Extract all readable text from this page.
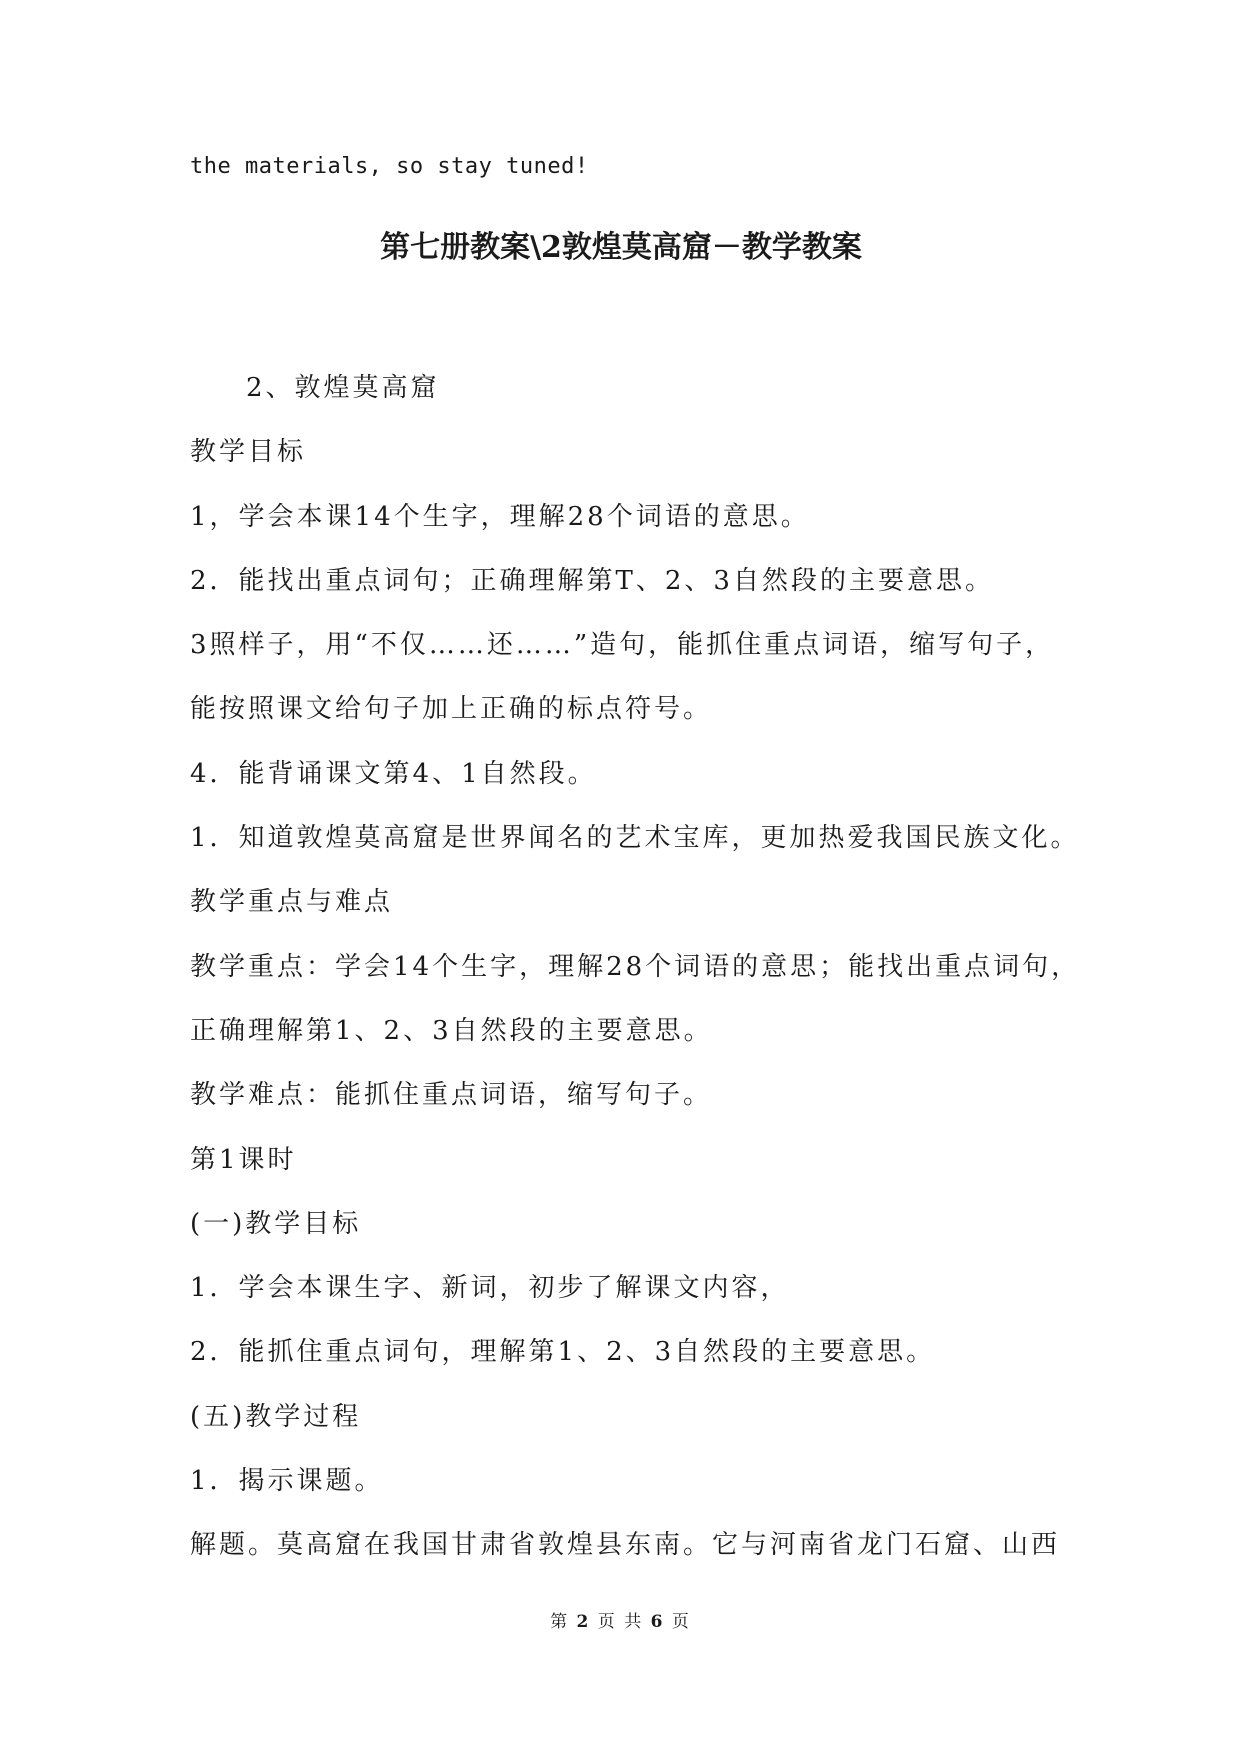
the materials, so stay tuned!
第七册教案\2敦煌莫高窟－教学教案
2、敦煌莫高窟
教学目标
1，学会本课14个生字，理解28个词语的意思。
2．能找出重点词句；正确理解第T、2、3自然段的主要意思。
3照样子，用“不仅……还……”造句，能抓住重点词语，缩写句子，
能按照课文给句子加上正确的标点符号。
4．能背诵课文第4、1自然段。
1．知道敦煌莫高窟是世界闻名的艺术宝库，更加热爱我国民族文化。
教学重点与难点
教学重点：学会14个生字，理解28个词语的意思；能找出重点词句，
正确理解第1、2、3自然段的主要意思。
教学难点：能抓住重点词语，缩写句子。
第1课时
(一)教学目标
1．学会本课生字、新词，初步了解课文内容，
2．能抓住重点词句，理解第1、2、3自然段的主要意思。
(五)教学过程
1．揭示课题。
解题。莫高窟在我国甘肃省敦煌县东南。它与河南省龙门石窟、山西
第 2 页 共 6 页
